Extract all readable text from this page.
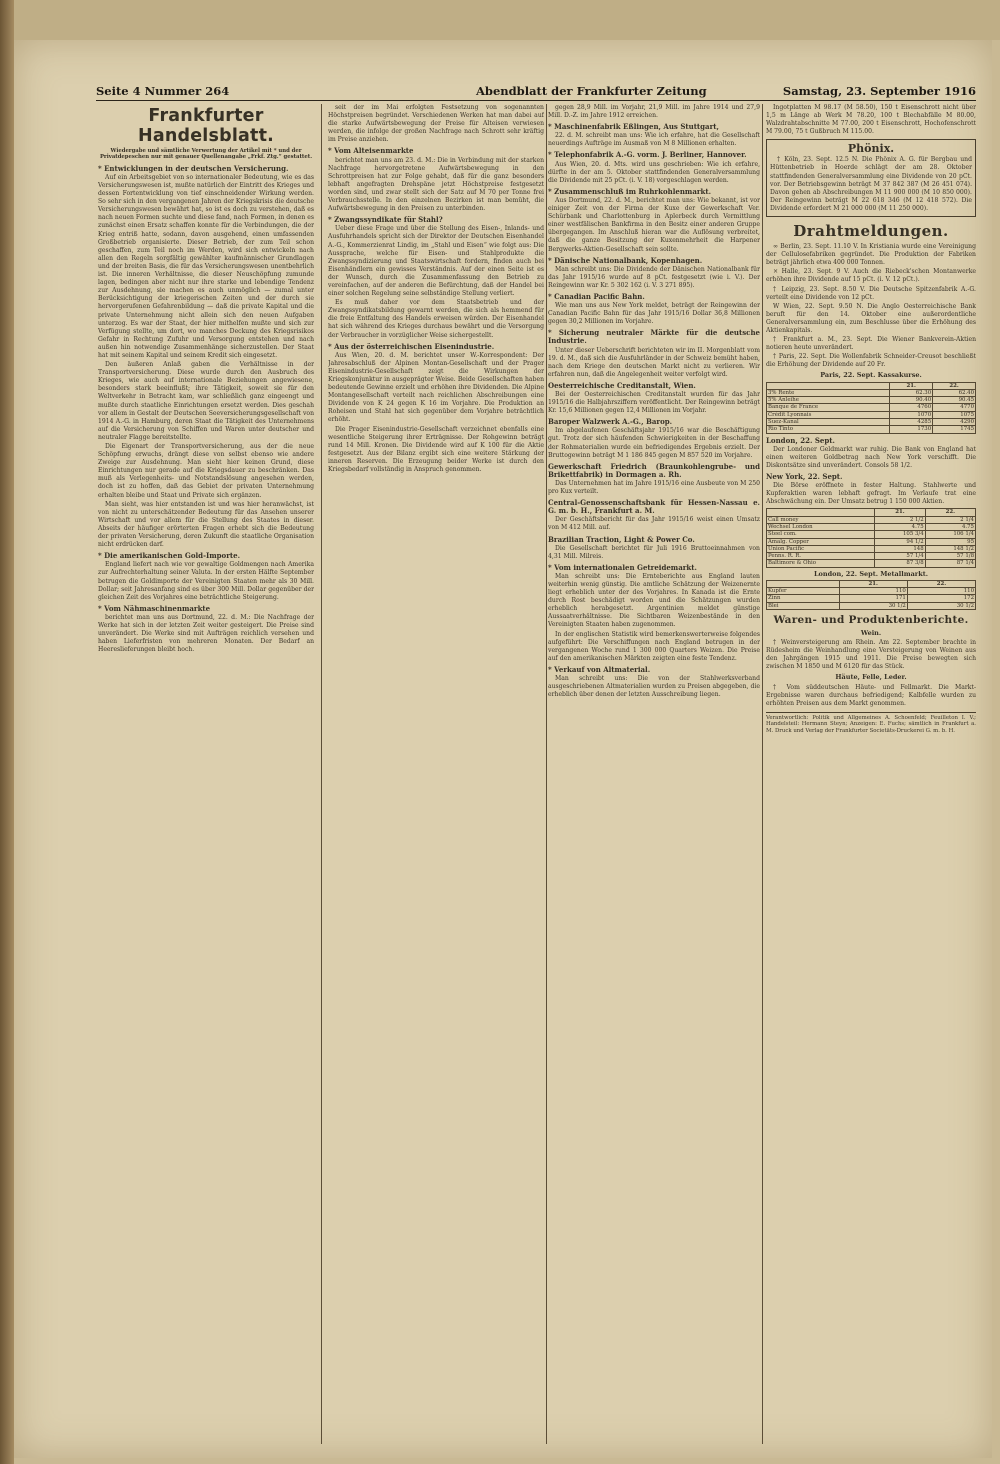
Seite 4 Nummer 264	Abendblatt der Frankfurter Zeitung	Samstag, 23. September 1916
Frankfurter Handelsblatt.
Wiedergabe und sämtliche Verwertung der Artikel mit * und der Privatdepeschen nur mit genauer Quellenangabe „Frkf. Ztg.“ gestattet.
* Entwicklungen in der deutschen Versicherung.

Auf ein Arbeitsgebiet von so internationaler Bedeutung, wie es das Versicherungswesen ist, mußte natürlich der Eintritt des Krieges und dessen Fortentwicklung von tief einschneidender Wirkung werden. So sehr sich in den vergangenen Jahren der Kriegskrisis die deutsche Versicherungswesen bewährt hat, so ist es doch zu verstehen, daß es nach neuen Formen suchte und diese fand, nach Formen, in denen es zunächst einen Ersatz schaffen konnte für die Verbindungen, die der Krieg entriß hatte, sodann, davon ausgehend, einen umfassenden Großbetrieb organisierte. Dieser Betrieb, der zum Teil schon geschaffen, zum Teil noch im Werden, wird sich entwickeln nach allen den Regeln sorgfältig gewählter kaufmännischer Grundlagen und der breiten Basis, die für das Versicherungswesen unentbehrlich ist. Die inneren Verhältnisse, die dieser Neuschöpfung zumunde lagen, bedingen aber nicht nur ihre starke und lebendige Tendenz zur Ausdehnung, sie machen es auch unmöglich — zumal unter Berücksichtigung der kriegerischen Zeiten und der durch sie hervorgerufenen Gefahrenbildung — daß die private Kapital und die private Unternehmung nicht allein sich den neuen Aufgaben unterzog. Es war der Staat, der hier mithelfen mußte und sich zur Verfügung stellte, um dort, wo manches Deckung des Kriegsrisikos Gefahr in Rechtung Zufuhr und Versorgung entstehen und nach außen hin notwendige Zusammenhänge sicherzustellen. Der Staat hat mit seinem Kapital und seinem Kredit sich eingesetzt.

Den äußeren Anlaß gaben die Verhältnisse in der Transportversicherung. Diese wurde durch den Ausbruch des Krieges, wie auch auf internationale Beziehungen angewiesene, besonders stark beeinflußt; ihre Tätigkeit, soweit sie für den Weltverkehr in Betracht kam, war schließlich ganz eingeengt und mußte durch staatliche Einrichtungen ersetzt werden. Dies geschah vor allem in Gestalt der Deutschen Seeversicherungsgesellschaft von 1914 A.-G. in Hamburg, deren Staat die Tätigkeit des Unternehmens auf die Versicherung von Schiffen und Waren unter deutscher und neutraler Flagge bereitstellte.

Die Eigenart der Transportversicherung, aus der die neue Schöpfung erwuchs, drängt diese von selbst ebenso wie andere Zweige zur Ausdehnung. Man sieht hier keinen Grund, diese Einrichtungen nur gerade auf die Kriegsdauer zu beschränken. Das muß als Verlegenheits- und Notstandslösung angesehen werden, doch ist zu hoffen, daß das Gebiet der privaten Unternehmung erhalten bleibe und Staat und Private sich ergänzen.

Man sieht, was hier entstanden ist und was hier heranwächst, ist von nicht zu unterschätzender Bedeutung für das Ansehen unserer Wirtschaft und vor allem für die Stellung des Staates in dieser. Abseits der häufiger erörterten Fragen erhebt sich die Bedeutung der privaten Versicherung, deren Zukunft die staatliche Organisation nicht erdrücken darf.

* Die amerikanischen Gold-Importe.

England liefert nach wie vor gewaltige Goldmengen nach Amerika zur Aufrechterhaltung seiner Valuta. In der ersten Hälfte September betrugen die Goldimporte der Vereinigten Staaten mehr als 30 Mill. Dollar; seit Jahresanfang sind es über 300 Mill. Dollar gegenüber der gleichen Zeit des Vorjahres eine beträchtliche Steigerung.

* Vom Nähmaschinenmarkte

berichtet man uns aus Dortmund, 22. d. M.: Die Nachfrage der Werke hat sich in der letzten Zeit weiter gesteigert. Die Preise sind unverändert. Die Werke sind mit Aufträgen reichlich versehen und haben Lieferfristen von mehreren Monaten. Der Bedarf an Heereslieferungen bleibt hoch.

seit der im Mai erfolgten Festsetzung von sogenannten Höchstpreisen begründet. Verschiedenen Werken hat man dabei auf die starke Aufwärtsbewegung der Preise für Alteisen verwiesen werden, die infolge der großen Nachfrage nach Schrott sehr kräftig im Preise anziehen.

* Vom Alteisenmarkte

berichtet man uns am 23. d. M.: Die in Verbindung mit der starken Nachfrage hervorgetretene Aufwärtsbewegung in den Schrottpreisen hat zur Folge gehabt, daß für die ganz besonders lebhaft angefragten Drehspäne jetzt Höchstpreise festgesetzt worden sind, und zwar stellt sich der Satz auf M 70 per Tonne frei Verbrauchsstelle. In den einzelnen Bezirken ist man bemüht, die Aufwärtsbewegung in den Preisen zu unterbinden.

* Zwangssyndikate für Stahl?

Ueber diese Frage und über die Stellung des Eisen-, Inlands- und Ausfuhrhandels spricht sich der Direktor der Deutschen Eisenhandel A.-G., Kommerzienrat Lindig, im „Stahl und Eisen“ wie folgt aus: Die Aussprache, welche für Eisen- und Stahlprodukte die Zwangssyndizierung und Staatswirtschaft fordern, finden auch bei Eisenhändlern ein gewisses Verständnis. Auf der einen Seite ist es der Wunsch, durch die Zusammenfassung den Betrieb zu vereinfachen, auf der anderen die Befürchtung, daß der Handel bei einer solchen Regelung seine selbständige Stellung verliert.

Es muß daher vor dem Staatsbetrieb und der Zwangssyndikatsbildung gewarnt werden, die sich als hemmend für die freie Entfaltung des Handels erweisen würden. Der Eisenhandel hat sich während des Krieges durchaus bewährt und die Versorgung der Verbraucher in vorzüglicher Weise sichergestellt.

* Aus der österreichischen Eisenindustrie.

Aus Wien, 20. d. M. berichtet unser W.-Korrespondent: Der Jahresabschluß der Alpinen Montan-Gesellschaft und der Prager Eisenindustrie-Gesellschaft zeigt die Wirkungen der Kriegskonjunktur in ausgeprägter Weise. Beide Gesellschaften haben bedeutende Gewinne erzielt und erhöhen ihre Dividenden. Die Alpine Montangesellschaft verteilt nach reichlichen Abschreibungen eine Dividende von K 24 gegen K 16 im Vorjahre. Die Produktion an Roheisen und Stahl hat sich gegenüber dem Vorjahre beträchtlich erhöht.

Die Prager Eisenindustrie-Gesellschaft verzeichnet ebenfalls eine wesentliche Steigerung ihrer Erträgnisse. Der Rohgewinn beträgt rund 14 Mill. Kronen. Die Dividende wird auf K 100 für die Aktie festgesetzt. Aus der Bilanz ergibt sich eine weitere Stärkung der inneren Reserven. Die Erzeugung beider Werke ist durch den Kriegsbedarf vollständig in Anspruch genommen.

gegen 28,9 Mill. im Vorjahr, 21,9 Mill. im Jahre 1914 und 27,9 Mill. D.-Z. im Jahre 1912 erreichen.

* Maschinenfabrik Eßlingen, Aus Stuttgart,

22. d. M. schreibt man uns: Wie ich erfahre, hat die Gesellschaft neuerdings Aufträge im Ausmaß von M 8 Millionen erhalten.

* Telephonfabrik A.-G. vorm. J. Berliner, Hannover.

Aus Wien, 20. d. Mts. wird uns geschrieben: Wie ich erfahre, dürfte in der am 5. Oktober stattfindenden Generalversammlung die Dividende mit 25 pCt. (i. V. 18) vorgeschlagen werden.

* Zusammenschluß im Ruhrkohlenmarkt.

Aus Dortmund, 22. d. M., berichtet man uns: Wie bekannt, ist vor einiger Zeit von der Firma der Kuxe der Gewerkschaft Ver. Schürbank und Charlottenburg in Aplerbeck durch Vermittlung einer westfälischen Bankfirma in den Besitz einer anderen Gruppe übergegangen. Im Anschluß hieran war die Auflösung verbreitet, daß die ganze Besitzung der Kuxenmehrheit die Harpener Bergwerks-Aktien-Gesellschaft sein sollte.

* Dänische Nationalbank, Kopenhagen.

Man schreibt uns: Die Dividende der Dänischen Nationalbank für das Jahr 1915/16 wurde auf 8 pCt. festgesetzt (wie i. V.). Der Reingewinn war Kr. 5 302 162 (i. V. 3 271 895).

* Canadian Pacific Bahn.

Wie man uns aus New York meldet, beträgt der Reingewinn der Canadian Pacific Bahn für das Jahr 1915/16 Dollar 36,8 Millionen gegen 30,2 Millionen im Vorjahre.

* Sicherung neutraler Märkte für die deutsche Industrie.

Unter dieser Ueberschrift berichteten wir im II. Morgenblatt vom 19. d. M., daß sich die Ausfuhrländer in der Schweiz bemüht haben, nach dem Kriege den deutschen Markt nicht zu verlieren. Wir erfahren nun, daß die Angelegenheit weiter verfolgt wird.

Oesterreichische Creditanstalt, Wien.

Bei der Oesterreichischen Creditanstalt wurden für das Jahr 1915/16 die Halbjahrsziffern veröffentlicht. Der Reingewinn beträgt Kr. 15,6 Millionen gegen 12,4 Millionen im Vorjahr.

Baroper Walzwerk A.-G., Barop.

Im abgelaufenen Geschäftsjahr 1915/16 war die Beschäftigung gut. Trotz der sich häufenden Schwierigkeiten in der Beschaffung der Rohmaterialien wurde ein befriedigendes Ergebnis erzielt. Der Bruttogewinn beträgt M 1 186 845 gegen M 857 520 im Vorjahre.

Gewerkschaft Friedrich (Braunkohlengrube- und Brikettfabrik) in Dormagen a. Rh.

Das Unternehmen hat im Jahre 1915/16 eine Ausbeute von M 250 pro Kux verteilt.

Central-Genossenschaftsbank für Hessen-Nassau e. G. m. b. H., Frankfurt a. M.

Der Geschäftsbericht für das Jahr 1915/16 weist einen Umsatz von M 412 Mill. auf.

Brazilian Traction, Light & Power Co.

Die Gesellschaft berichtet für Juli 1916 Bruttoeinnahmen von 4,31 Mill. Milreis.

* Vom internationalen Getreidemarkt.

Man schreibt uns: Die Ernteberichte aus England lauten weiterhin wenig günstig. Die amtliche Schätzung der Weizenernte liegt erheblich unter der des Vorjahres. In Kanada ist die Ernte durch Rost beschädigt worden und die Schätzungen wurden erheblich herabgesetzt. Argentinien meldet günstige Aussaatverhältnisse. Die Sichtbaren Weizenbestände in den Vereinigten Staaten haben zugenommen.

In der englischen Statistik wird bemerkenswerterweise folgendes aufgeführt: Die Verschiffungen nach England betrugen in der vergangenen Woche rund 1 300 000 Quarters Weizen. Die Preise auf den amerikanischen Märkten zeigten eine feste Tendenz.

* Verkauf von Altmaterial.

Man schreibt uns: Die von der Stahlwerksverband ausgeschriebenen Altmaterialien wurden zu Preisen abgegeben, die erheblich über denen der letzten Ausschreibung liegen.

Ingotplatten M 98.17 (M 58.50), 150 t Eisenschrott nicht über 1,5 m Länge ab Werk M 78.20, 100 t Blechabfälle M 80.00, Walzdrahtabschnitte M 77.00, 200 t Eisenschrott, Hochofenschrott M 79.00, 75 t Gußbruch M 115.00.

Phönix.

† Köln, 23. Sept. 12.5 N. Die Phönix A. G. für Bergbau und Hüttenbetrieb in Hoerde schlägt der am 28. Oktober stattfindenden Generalversammlung eine Dividende von 20 pCt. vor. Der Betriebsgewinn beträgt M 37 842 387 (M 26 451 074). Davon gehen ab Abschreibungen M 11 900 000 (M 10 850 000). Der Reingewinn beträgt M 22 618 346 (M 12 418 572). Die Dividende erfordert M 21 000 000 (M 11 250 000).

Drahtmeldungen.

∞ Berlin, 23. Sept. 11.10 V. In Kristiania wurde eine Vereinigung der Cellulosefabriken gegründet. Die Produktion der Fabriken beträgt jährlich etwa 400 000 Tonnen.

× Halle, 23. Sept. 9 V. Auch die Riebeck'schen Montanwerke erhöhen ihre Dividende auf 15 pCt. (i. V. 12 pCt.).

† Leipzig, 23. Sept. 8.50 V. Die Deutsche Spitzenfabrik A.-G. verteilt eine Dividende von 12 pCt.

W Wien, 22. Sept. 9.50 N. Die Anglo Oesterreichische Bank beruft für den 14. Oktober eine außerordentliche Generalversammlung ein, zum Beschlusse über die Erhöhung des Aktienkapitals.

† Frankfurt a. M., 23. Sept. Die Wiener Bankverein-Aktien notieren heute unverändert.

† Paris, 22. Sept. Die Wollenfabrik Schneider-Creusot beschließt die Erhöhung der Dividende auf 20 Fr.

Paris, 22. Sept. Kassakurse.
	21.	22.
3% Rente	62.30	62.40
5% Anleihe	90.40	90.45
Banque de France	4760	4770
Crédit Lyonnais	1070	1075
Suez-Kanal	4285	4290
Rio Tinto	1730	1745
London, 22. Sept.

Der Londoner Geldmarkt war ruhig. Die Bank von England hat einen weiteren Goldbetrag nach New York verschifft. Die Diskontsätze sind unverändert. Consols 58 1/2.

New York, 22. Sept.

Die Börse eröffnete in fester Haltung. Stahlwerte und Kupferaktien waren lebhaft gefragt. Im Verlaufe trat eine Abschwächung ein. Der Umsatz betrug 1 150 000 Aktien.

	21.	22.
Call money	2 1/2	2 1/4
Wechsel London	4.75	4.75
Steel com.	105 3/4	106 1/4
Amalg. Copper	94 1/2	95
Union Pacific	148	148 1/2
Penns. R. R.	57 1/4	57 1/8
Baltimore & Ohio	87 3/8	87 1/4
London, 22. Sept. Metallmarkt.
	21.	22.
Kupfer	110	110
Zinn	171	172
Blei	30 1/2	30 1/2
Waren- und Produktenberichte.
Wein.

† Weinversteigerung am Rhein. Am 22. September brachte in Rüdesheim die Weinhandlung eine Versteigerung von Weinen aus den Jahrgängen 1915 und 1911. Die Preise bewegten sich zwischen M 1850 und M 6120 für das Stück.

Häute, Felle, Leder.

† Vom süddeutschen Häute- und Fellmarkt. Die Markt-Ergebnisse waren durchaus befriedigend; Kalbfelle wurden zu erhöhten Preisen aus dem Markt genommen.

Verantwortlich: Politik und Allgemeines A. Schoenfeld; Feuilleton I. V.; Handelsteil: Hermann Steyn; Anzeigen: E. Fuchs; sämtlich in Frankfurt a. M. Druck und Verlag der Frankfurter Societäts-Druckerei G. m. b. H.
